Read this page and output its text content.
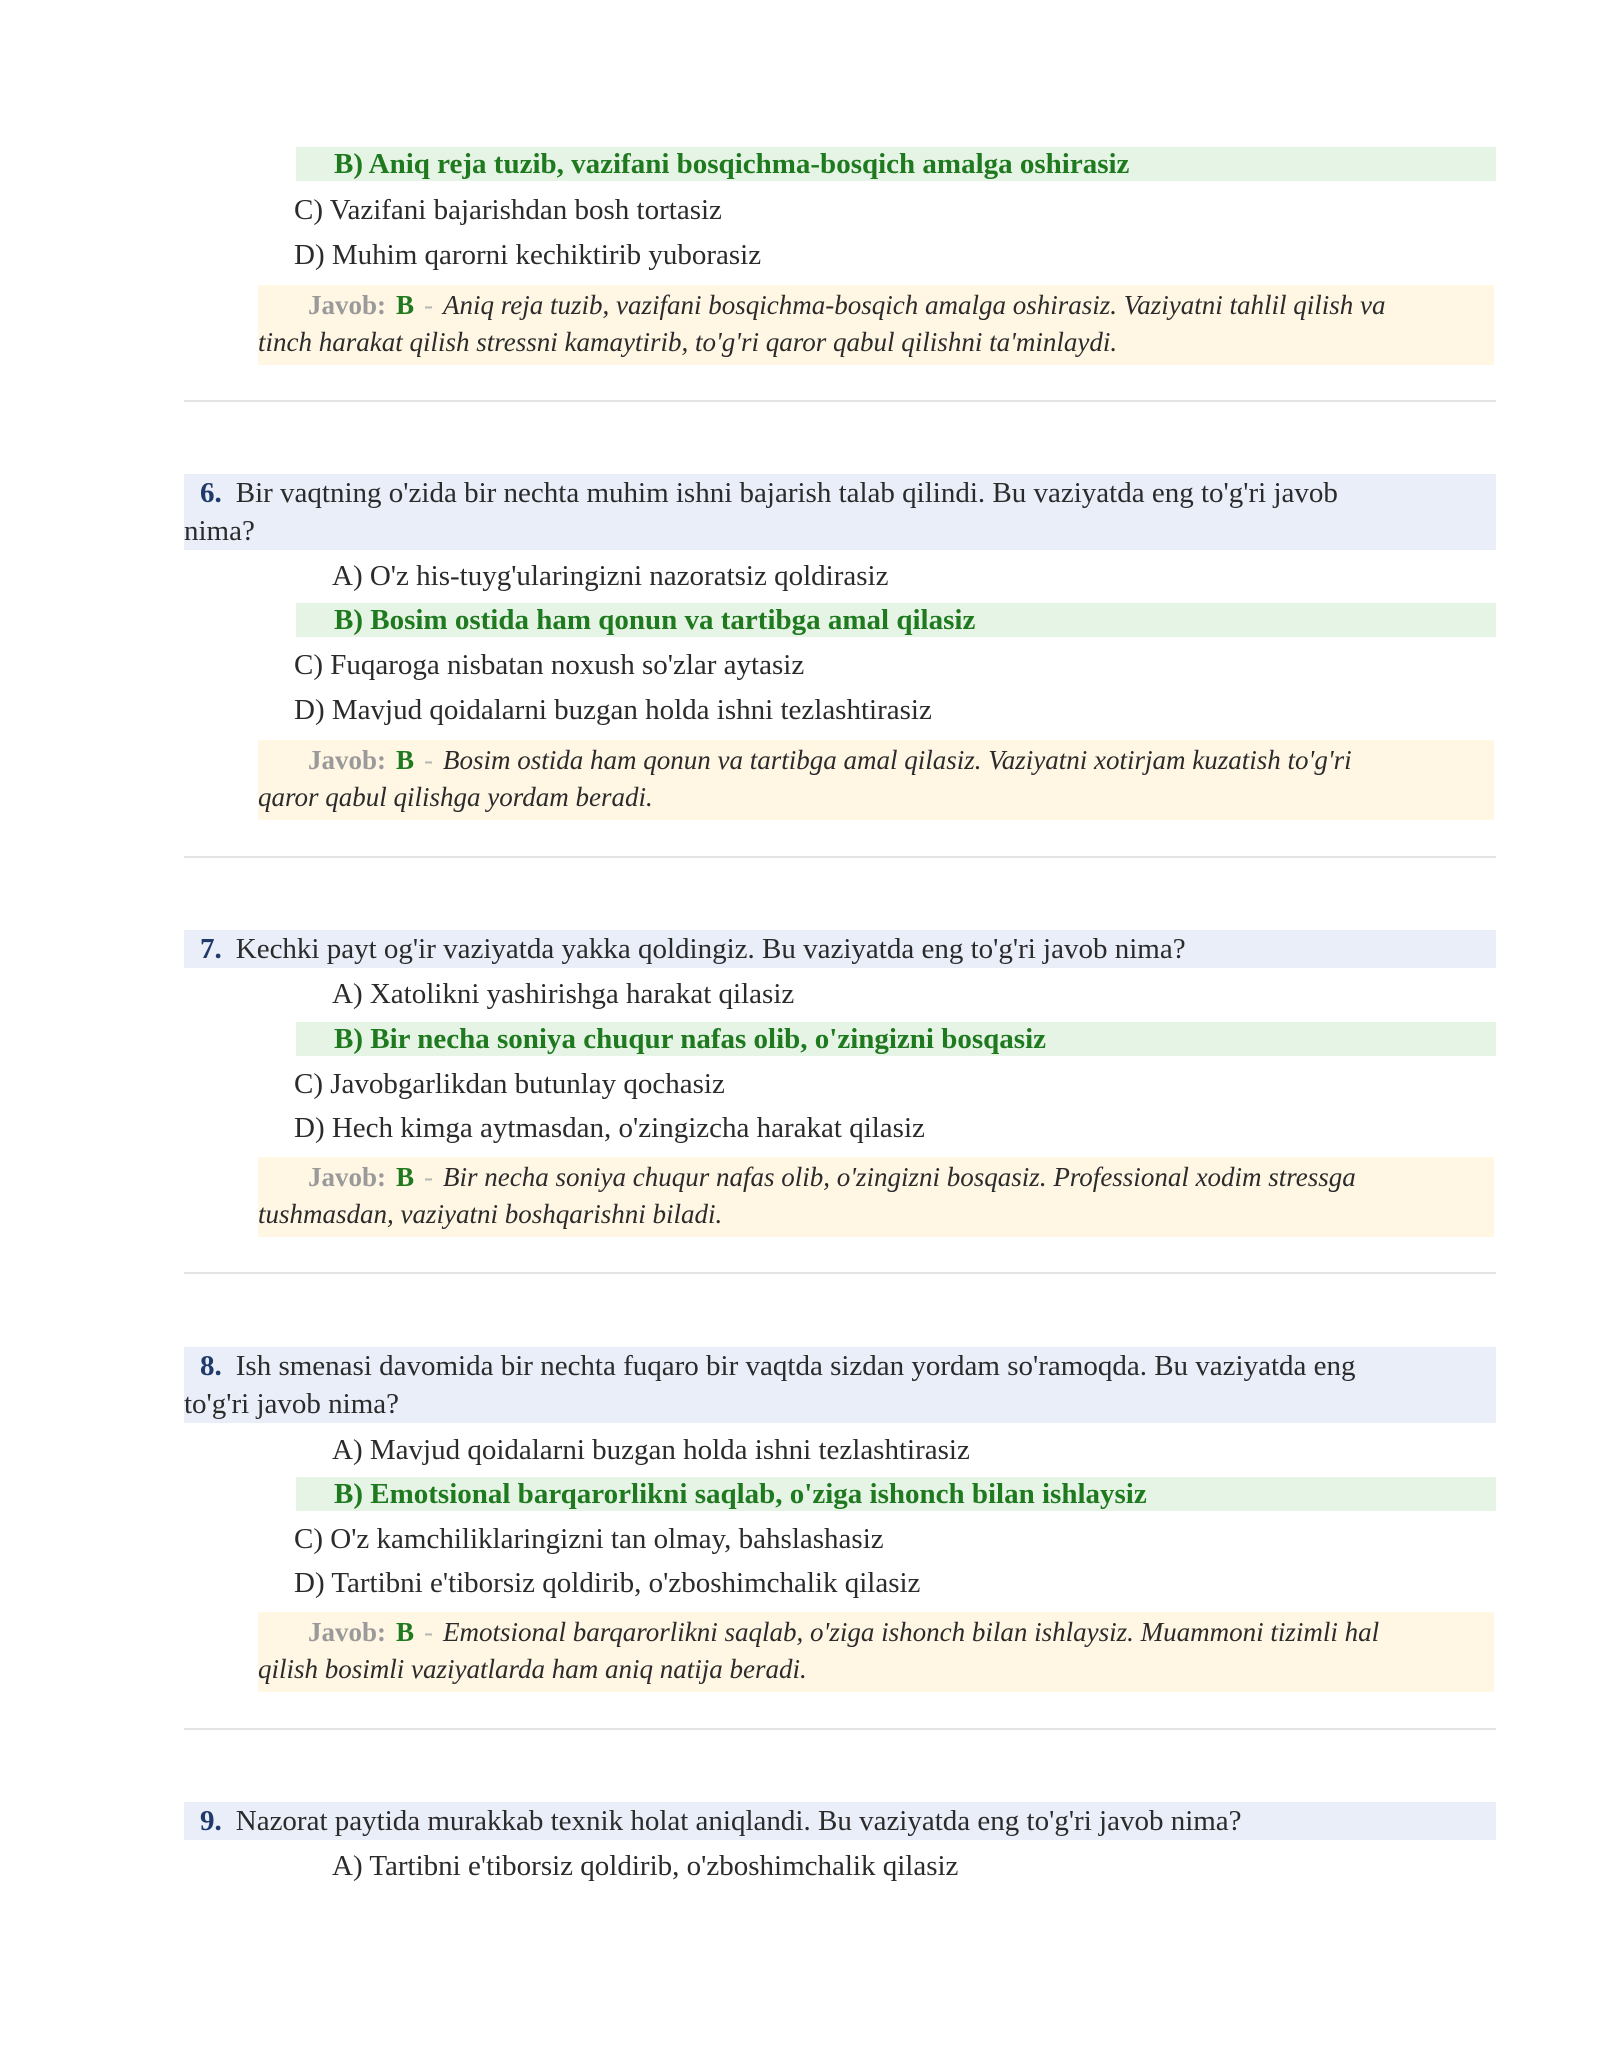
B) Aniq reja tuzib, vazifani bosqichma-bosqich amalga oshirasiz
C) Vazifani bajarishdan bosh tortasiz
D) Muhim qarorni kechiktirib yuborasiz
Javob: B - Aniq reja tuzib, vazifani bosqichma-bosqich amalga oshirasiz. Vaziyatni tahlil qilish va
tinch harakat qilish stressni kamaytirib, to'g'ri qaror qabul qilishni ta'minlaydi.
6. Bir vaqtning o'zida bir nechta muhim ishni bajarish talab qilindi. Bu vaziyatda eng to'g'ri javob
nima?
A) O'z his-tuyg'ularingizni nazoratsiz qoldirasiz
B) Bosim ostida ham qonun va tartibga amal qilasiz
C) Fuqaroga nisbatan noxush so'zlar aytasiz
D) Mavjud qoidalarni buzgan holda ishni tezlashtirasiz
Javob: B - Bosim ostida ham qonun va tartibga amal qilasiz. Vaziyatni xotirjam kuzatish to'g'ri
qaror qabul qilishga yordam beradi.
7. Kechki payt og'ir vaziyatda yakka qoldingiz. Bu vaziyatda eng to'g'ri javob nima?
A) Xatolikni yashirishga harakat qilasiz
B) Bir necha soniya chuqur nafas olib, o'zingizni bosqasiz
C) Javobgarlikdan butunlay qochasiz
D) Hech kimga aytmasdan, o'zingizcha harakat qilasiz
Javob: B - Bir necha soniya chuqur nafas olib, o'zingizni bosqasiz. Professional xodim stressga
tushmasdan, vaziyatni boshqarishni biladi.
8. Ish smenasi davomida bir nechta fuqaro bir vaqtda sizdan yordam so'ramoqda. Bu vaziyatda eng
to'g'ri javob nima?
A) Mavjud qoidalarni buzgan holda ishni tezlashtirasiz
B) Emotsional barqarorlikni saqlab, o'ziga ishonch bilan ishlaysiz
C) O'z kamchiliklaringizni tan olmay, bahslashasiz
D) Tartibni e'tiborsiz qoldirib, o'zboshimchalik qilasiz
Javob: B - Emotsional barqarorlikni saqlab, o'ziga ishonch bilan ishlaysiz. Muammoni tizimli hal
qilish bosimli vaziyatlarda ham aniq natija beradi.
9. Nazorat paytida murakkab texnik holat aniqlandi. Bu vaziyatda eng to'g'ri javob nima?
A) Tartibni e'tiborsiz qoldirib, o'zboshimchalik qilasiz
